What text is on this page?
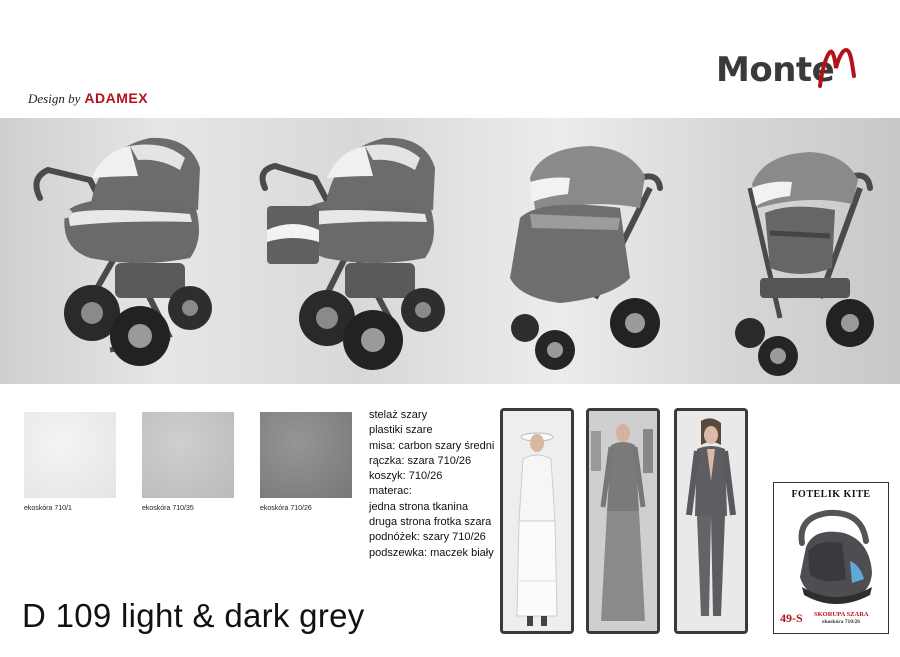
Design by ADAMEX
Monte
ekoskóra 710/1	ekoskóra 710/35	ekoskóra 710/26
stelaż szary
plastiki szare
misa: carbon szary średni
rączka: szara 710/26
koszyk: 710/26
materac:
jedna strona tkanina
druga strona frotka szara
podnóżek: szary 710/26
podszewka: maczek biały
D 109 light & dark grey
FOTELIK KITE
49-S SKORUPA SZARA
ekoskóra 710/26
